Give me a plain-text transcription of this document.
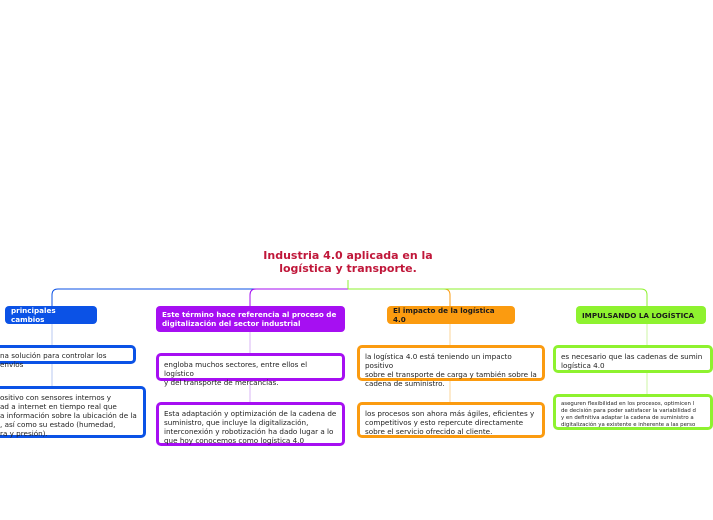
Industria 4.0 aplicada en la
logística y transporte.
principales cambios
na solución para controlar los envíos
ositivo con sensores internos y
ad a internet en tiempo real que
a información sobre la ubicación de la
, así como su estado (humedad,
ra y presión).
Este término hace referencia al proceso de
digitalización del sector industrial
engloba muchos sectores, entre ellos el logístico
y del transporte de mercancías.
Esta adaptación y optimización de la cadena de
suministro, que incluye la digitalización,
interconexión y robotización ha dado lugar a lo
que hoy conocemos como logística 4.0
El impacto de la logística 4.0
la logística 4.0 está teniendo un impacto positivo
sobre el transporte de carga y también sobre la
cadena de suministro.
los procesos son ahora más ágiles, eficientes y
competitivos y esto repercute directamente
sobre el servicio ofrecido al cliente.
IMPULSANDO LA LOGÍSTICA
es necesario que las cadenas de sumin
logística 4.0
aseguren flexibilidad en los procesos, optimicen l
de decisión para poder satisfacer la variabilidad d
y en definitiva adaptar la cadena de suministro a
digitalización ya existente e inherente a las perso
